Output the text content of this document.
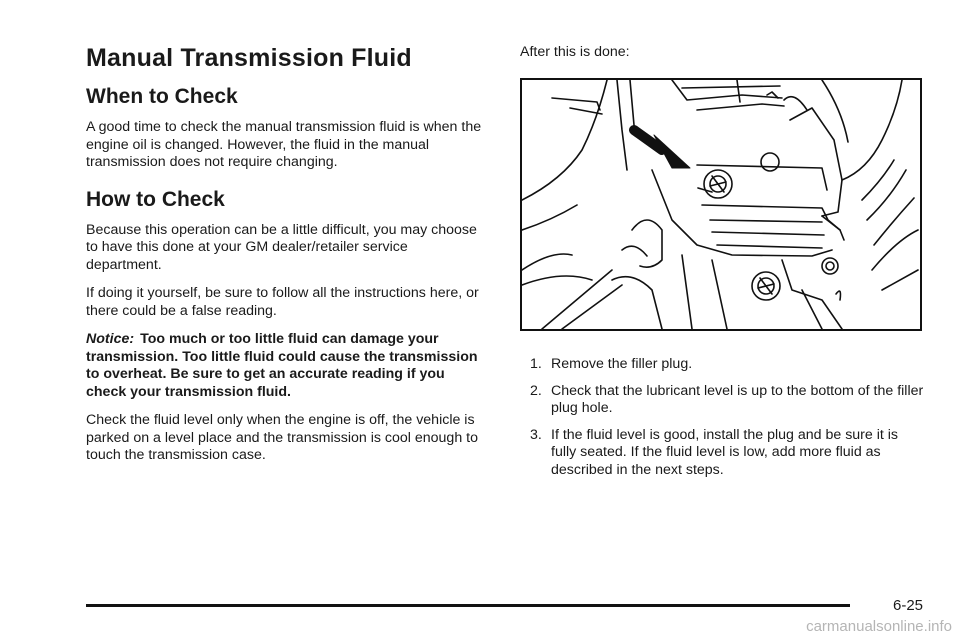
Manual Transmission Fluid
When to Check

A good time to check the manual transmission fluid is when the engine oil is changed. However, the fluid in the manual transmission does not require changing.

How to Check

Because this operation can be a little difficult, you may choose to have this done at your GM dealer/retailer service department.

If doing it yourself, be sure to follow all the instructions here, or there could be a false reading.

Notice: Too much or too little fluid can damage your transmission. Too little fluid could cause the transmission to overheat. Be sure to get an accurate reading if you check your transmission fluid.

Check the fluid level only when the engine is off, the vehicle is parked on a level place and the transmission is cool enough to touch the transmission case.

After this is done:

1. Remove the filler plug.
2. Check that the lubricant level is up to the bottom of the filler plug hole.
3. If the fluid level is good, install the plug and be sure it is fully seated. If the fluid level is low, add more fluid as described in the next steps.
6-25
carmanualsonline.info
